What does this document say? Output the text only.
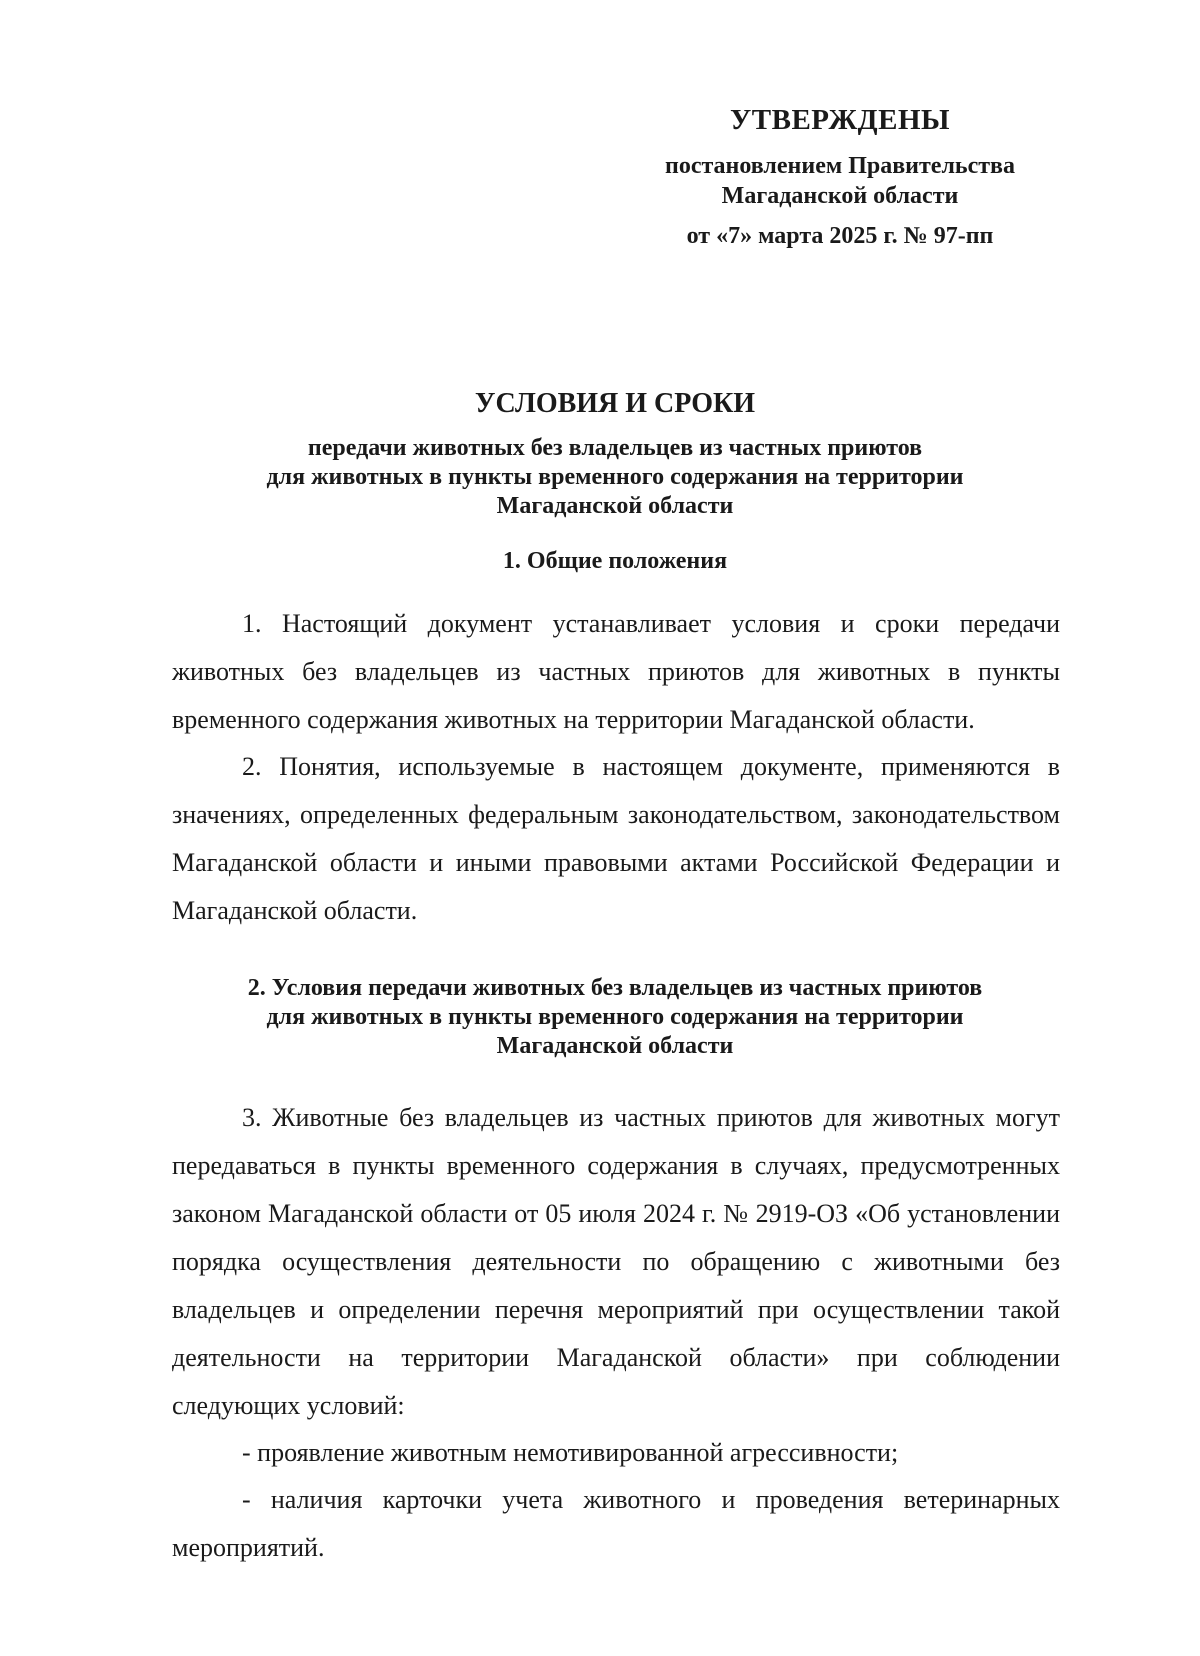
УТВЕРЖДЕНЫ
постановлением Правительства
Магаданской области
от «7» марта 2025 г. № 97-пп
УСЛОВИЯ И СРОКИ
передачи животных без владельцев из частных приютов
для животных в пункты временного содержания на территории
Магаданской области
1. Общие положения

1. Настоящий документ устанавливает условия и сроки передачи животных без владельцев из частных приютов для животных в пункты временного содержания животных на территории Магаданской области.

2. Понятия, используемые в настоящем документе, применяются в значениях, определенных федеральным законодательством, законодательством Магаданской области и иными правовыми актами Российской Федерации и Магаданской области.

2. Условия передачи животных без владельцев из частных приютов
для животных в пункты временного содержания на территории
Магаданской области

3. Животные без владельцев из частных приютов для животных могут передаваться в пункты временного содержания в случаях, предусмотренных законом Магаданской области от 05 июля 2024 г. № 2919-ОЗ «Об установлении порядка осуществления деятельности по обращению с животными без владельцев и определении перечня мероприятий при осуществлении такой деятельности на территории Магаданской области» при соблюдении следующих условий:

- проявление животным немотивированной агрессивности;

- наличия карточки учета животного и проведения ветеринарных мероприятий.
